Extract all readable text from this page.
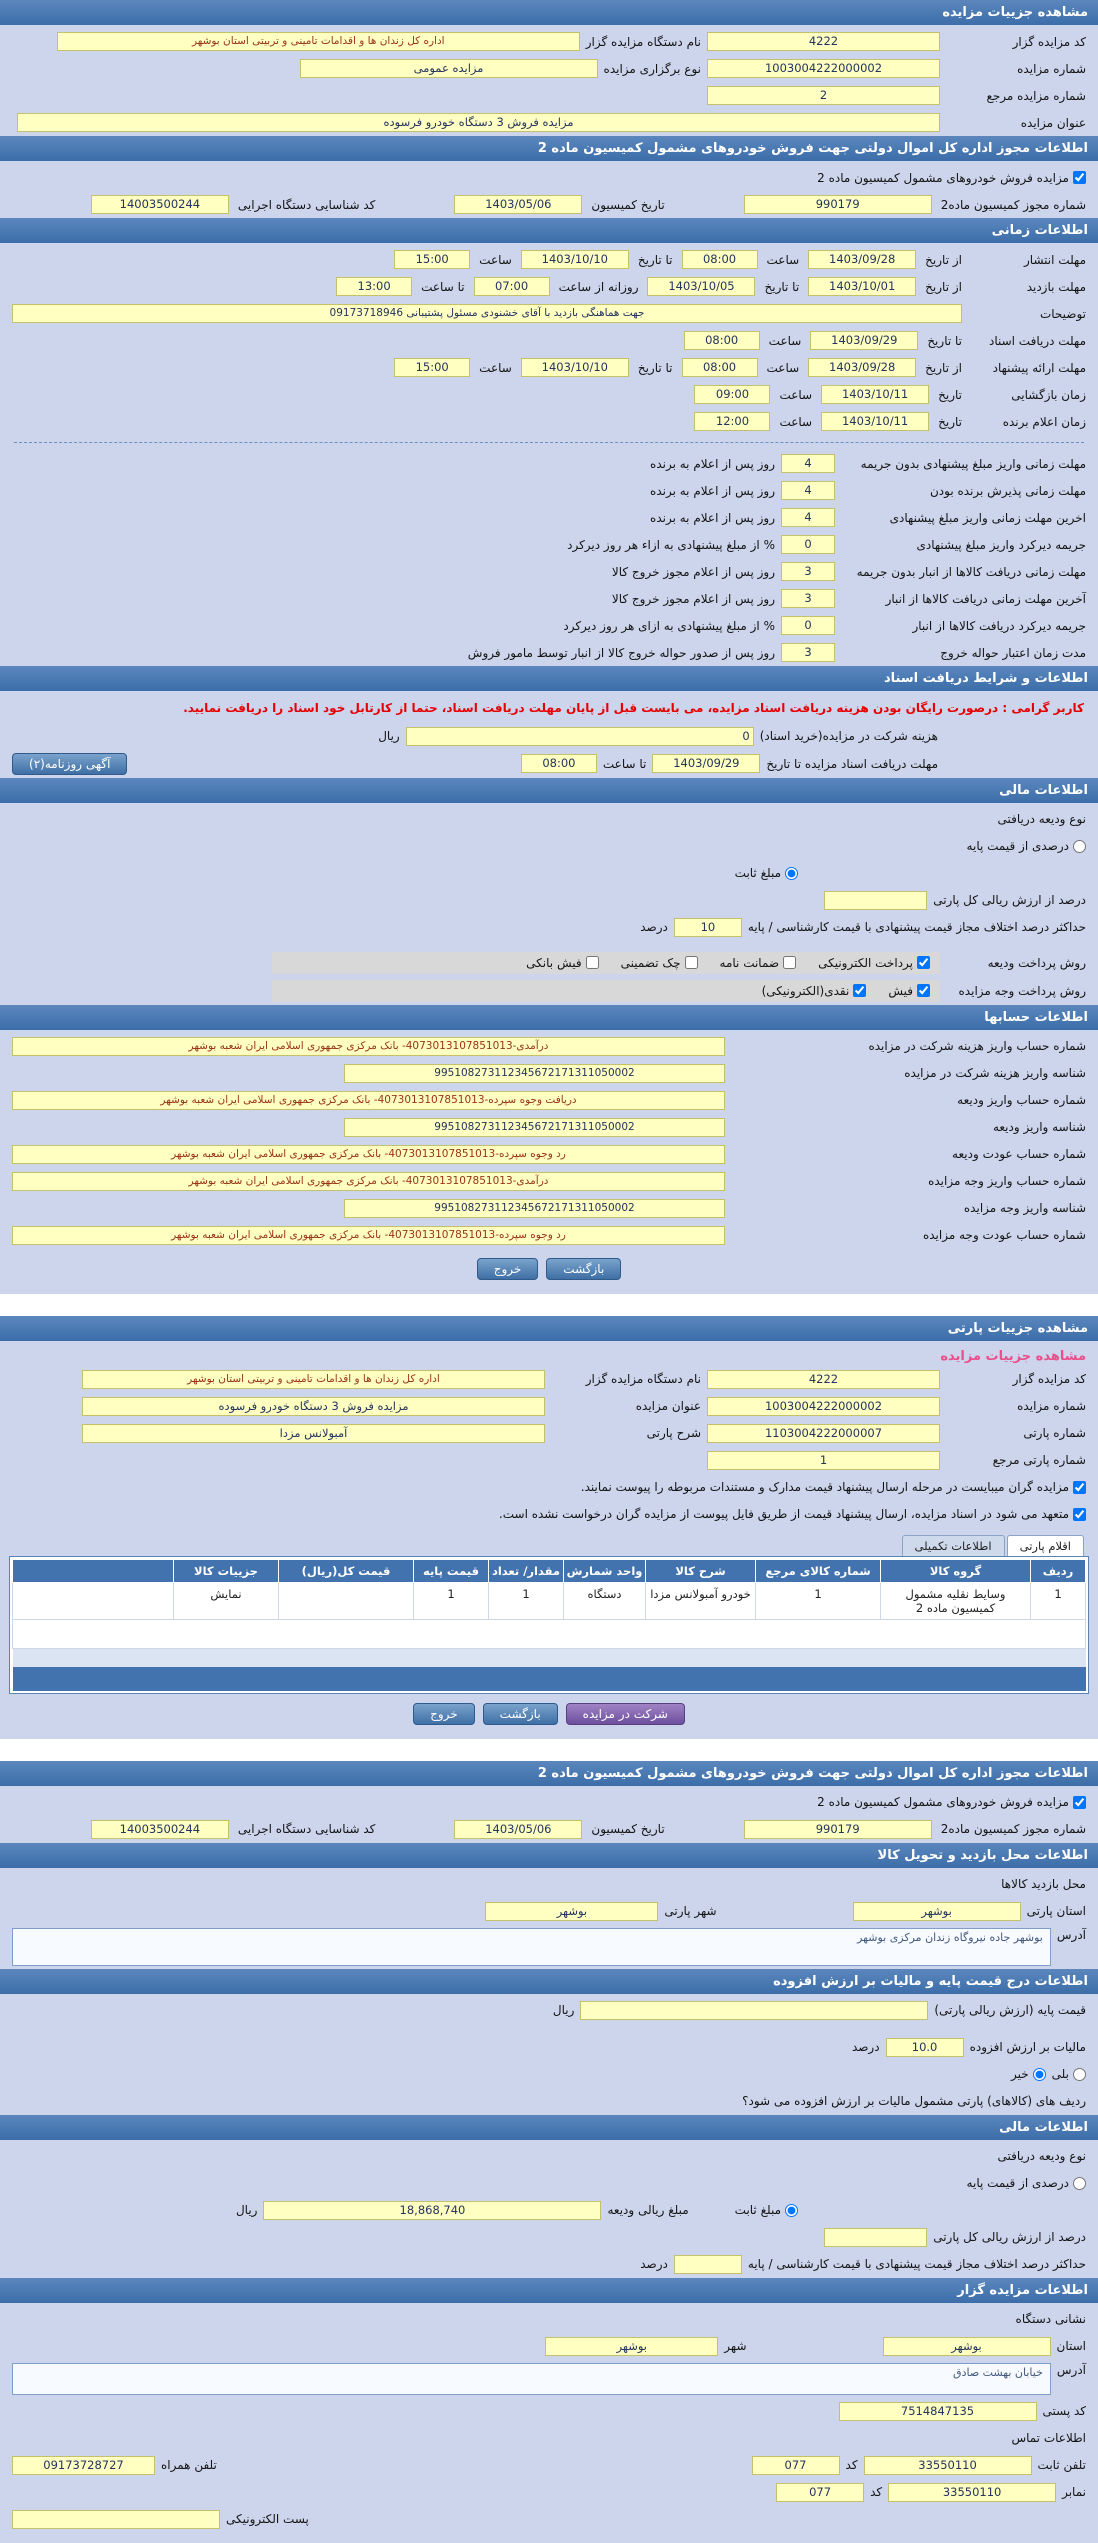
مشاهده جزییات مزایده
کد مزایده گزار
4222
نام دستگاه مزایده گزار
اداره کل زندان ها و اقدامات تامینی و تربیتی استان بوشهر
شماره مزایده
1003004222000002
نوع برگزاری مزایده
مزایده عمومی
شماره مزایده مرجع
2
عنوان مزایده
مزایده فروش 3 دستگاه خودرو فرسوده
اطلاعات مجوز اداره کل اموال دولتی جهت فروش خودروهای مشمول کمیسیون ماده 2
مزایده فروش خودروهای مشمول کمیسیون ماده 2
شماره مجوز کمیسیون ماده2
990179
تاریخ کمیسیون
1403/05/06
کد شناسایی دستگاه اجرایی
14003500244
اطلاعات زمانی
مهلت انتشار
از تاریخ
1403/09/28
ساعت
08:00
تا تاریخ
1403/10/10
ساعت
15:00
مهلت بازدید
از تاریخ
1403/10/01
تا تاریخ
1403/10/05
روزانه از ساعت
07:00
تا ساعت
13:00
توضیحات
جهت هماهنگی بازدید با آقای خشنودی مسئول پشتیبانی 09173718946
مهلت دریافت اسناد
تا تاریخ
1403/09/29
ساعت
08:00
مهلت ارائه پیشنهاد
از تاریخ
1403/09/28
ساعت
08:00
تا تاریخ
1403/10/10
ساعت
15:00
زمان بازگشایی
تاریخ
1403/10/11
ساعت
09:00
زمان اعلام برنده
تاریخ
1403/10/11
ساعت
12:00
مهلت زمانی واریز مبلغ پیشنهادی بدون جریمه
4
روز پس از اعلام به برنده
مهلت زمانی پذیرش برنده بودن
4
روز پس از اعلام به برنده
اخرین مهلت زمانی واریز مبلغ پیشنهادی
4
روز پس از اعلام به برنده
جریمه دیرکرد واریز مبلغ پیشنهادی
0
% از مبلغ پیشنهادی به ازاء هر روز دیرکرد
مهلت زمانی دریافت کالاها از انبار بدون جریمه
3
روز پس از اعلام مجوز خروج کالا
آخرین مهلت زمانی دریافت کالاها از انبار
3
روز پس از اعلام مجوز خروج کالا
جریمه دیرکرد دریافت کالاها از انبار
0
% از مبلغ پیشنهادی به ازای هر روز دیرکرد
مدت زمان اعتبار حواله خروج
3
روز پس از صدور حواله خروج کالا از انبار توسط مامور فروش
اطلاعات و شرایط دریافت اسناد
کاربر گرامی : درصورت رایگان بودن هزینه دریافت اسناد مزایده، می بایست قبل از پایان مهلت دریافت اسناد، حتما از کارتابل خود اسناد را دریافت نمایید.
هزینه شرکت در مزایده(خرید اسناد)
0
ریال
مهلت دریافت اسناد مزایده تا تاریخ
1403/09/29
تا ساعت
08:00
آگهی روزنامه(۲)
اطلاعات مالی
نوع ودیعه دریافتی
درصدی از قیمت پایه
مبلغ ثابت
درصد از ارزش ریالی کل پارتی
حداکثر درصد اختلاف مجاز قیمت پیشنهادی با قیمت کارشناسی / پایه
10
درصد
روش پرداخت ودیعه
پرداخت الکترونیکی
ضمانت نامه
چک تضمینی
فیش بانکی
روش پرداخت وجه مزایده
فیش
نقدی(الکترونیکی)
اطلاعات حسابها
شماره حساب واریز هزینه شرکت در مزایده
درآمدی-4073013107851013- بانک مرکزی جمهوری اسلامی ایران شعبه بوشهر
شناسه واریز هزینه شرکت در مزایده
995108273112345672171311050002
شماره حساب واریز ودیعه
دریافت وجوه سپرده-4073013107851013- بانک مرکزی جمهوری اسلامی ایران شعبه بوشهر
شناسه واریز ودیعه
995108273112345672171311050002
شماره حساب عودت ودیعه
رد وجوه سپرده-4073013107851013- بانک مرکزی جمهوری اسلامی ایران شعبه بوشهر
شماره حساب واریز وجه مزایده
درآمدی-4073013107851013- بانک مرکزی جمهوری اسلامی ایران شعبه بوشهر
شناسه واریز وجه مزایده
995108273112345672171311050002
شماره حساب عودت وجه مزایده
رد وجوه سپرده-4073013107851013- بانک مرکزی جمهوری اسلامی ایران شعبه بوشهر
بازگشت
خروج
مشاهده جزییات پارتی
مشاهده جزییات مزایده
کد مزایده گزار
4222
نام دستگاه مزایده گزار
اداره کل زندان ها و اقدامات تامینی و تربیتی استان بوشهر
شماره مزایده
1003004222000002
عنوان مزایده
مزایده فروش 3 دستگاه خودرو فرسوده
شماره پارتی
1103004222000007
شرح پارتی
آمبولانس مزدا
شماره پارتی مرجع
1
مزایده گران میبایست در مرحله ارسال پیشنهاد قیمت مدارک و مستندات مربوطه را پیوست نمایند.
متعهد می شود در اسناد مزایده، ارسال پیشنهاد قیمت از طریق فایل پیوست از مزایده گران درخواست نشده است.
اقلام پارتی
اطلاعات تکمیلی
ردیف	گروه کالا	شماره کالای مرجع	شرح کالا	واحد شمارش	مقدار/ تعداد	قیمت پایه	قیمت کل(ریال)	جزییات کالا	
1	وسایط نقلیه مشمول کمیسیون ماده 2	1	خودرو آمبولانس مزدا	دستگاه	1	1		نمایش	

شرکت در مزایده
بازگشت
خروج
اطلاعات مجوز اداره کل اموال دولتی جهت فروش خودروهای مشمول کمیسیون ماده 2
مزایده فروش خودروهای مشمول کمیسیون ماده 2
شماره مجوز کمیسیون ماده2
990179
تاریخ کمیسیون
1403/05/06
کد شناسایی دستگاه اجرایی
14003500244
اطلاعات محل بازدید و تحویل کالا
محل بازدید کالاها
استان پارتی
بوشهر
شهر پارتی
بوشهر
آدرس
بوشهر جاده نیروگاه زندان مرکزی بوشهر
اطلاعات درج قیمت پایه و مالیات بر ارزش افزوده
قیمت پایه (ارزش ریالی پارتی)
ریال
مالیات بر ارزش افزوده
10.0
درصد
بلی
خیر
ردیف های (کالاهای) پارتی مشمول مالیات بر ارزش افزوده می شود؟
اطلاعات مالی
نوع ودیعه دریافتی
درصدی از قیمت پایه
مبلغ ثابت
مبلغ ریالی ودیعه
18,868,740
ریال
درصد از ارزش ریالی کل پارتی
حداکثر درصد اختلاف مجاز قیمت پیشنهادی با قیمت کارشناسی / پایه
درصد
اطلاعات مزایده گزار
نشانی دستگاه
استان
بوشهر
شهر
بوشهر
آدرس
خيابان بهشت صادق
کد پستی
7514847135
اطلاعات تماس
تلفن ثابت
33550110
کد
077
تلفن همراه
09173728727
نمابر
33550110
کد
077
پست الکترونیکی
